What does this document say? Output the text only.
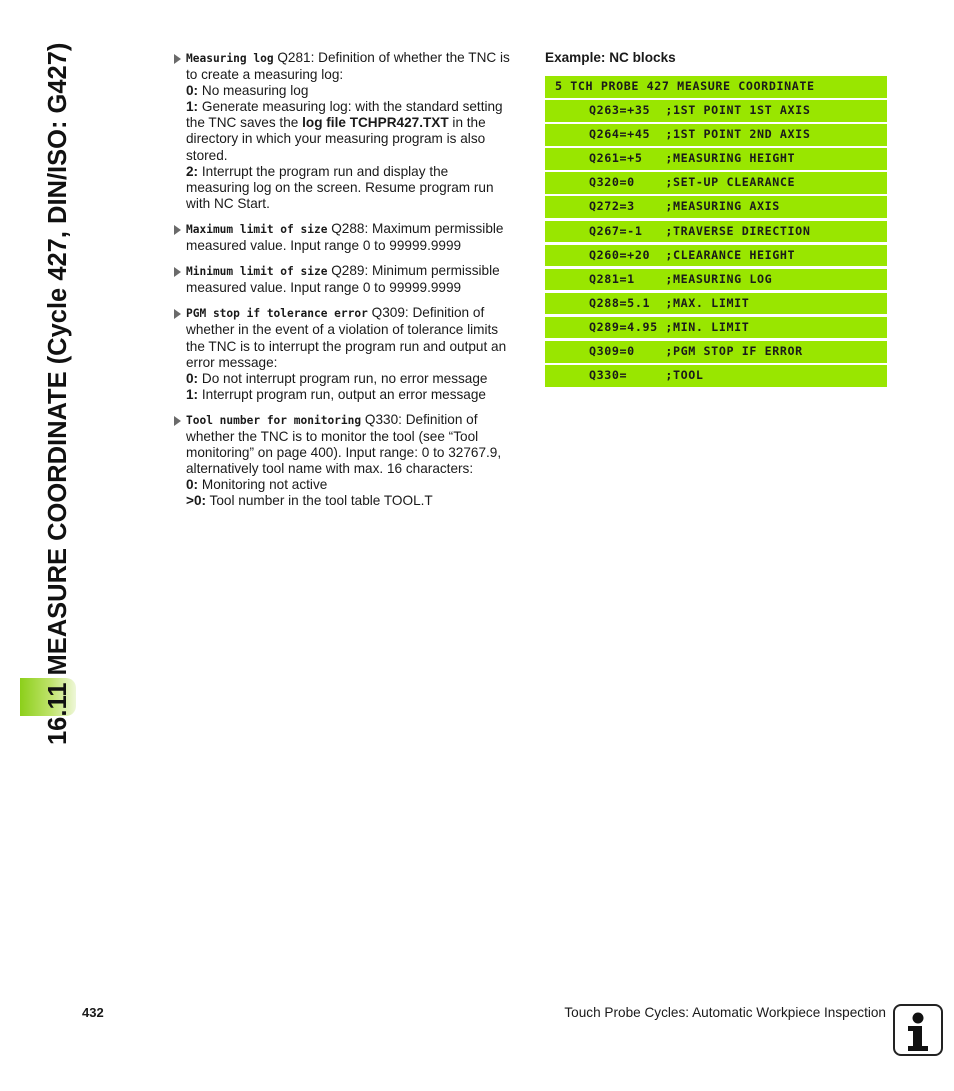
16.11 MEASURE COORDINATE (Cycle 427, DIN/ISO: G427)	Measuring log Q281: Definition of whether the TNC is
to create a measuring log:
0: No measuring log
1: Generate measuring log: with the standard setting
the TNC saves the log file TCHPR427.TXT in the
directory in which your measuring program is also
stored.
2: Interrupt the program run and display the
measuring log on the screen. Resume program run
with NC Start.
Maximum limit of size Q288: Maximum permissible
measured value. Input range 0 to 99999.9999
Minimum limit of size Q289: Minimum permissible
measured value. Input range 0 to 99999.9999
PGM stop if tolerance error Q309: Definition of
whether in the event of a violation of tolerance limits
the TNC is to interrupt the program run and output an
error message:
0: Do not interrupt program run, no error message
1: Interrupt program run, output an error message
Tool number for monitoring Q330: Definition of
whether the TNC is to monitor the tool (see “Tool
monitoring” on page 400). Input range: 0 to 32767.9,
alternatively tool name with max. 16 characters:
0: Monitoring not active
>0: Tool number in the tool table TOOL.T
Example: NC blocks
5 TCH PROBE 427 MEASURE COORDINATE
Q263=+35  ;1ST POINT 1ST AXIS
Q264=+45  ;1ST POINT 2ND AXIS
Q261=+5   ;MEASURING HEIGHT
Q320=0    ;SET-UP CLEARANCE
Q272=3    ;MEASURING AXIS
Q267=-1   ;TRAVERSE DIRECTION
Q260=+20  ;CLEARANCE HEIGHT
Q281=1    ;MEASURING LOG
Q288=5.1  ;MAX. LIMIT
Q289=4.95 ;MIN. LIMIT
Q309=0    ;PGM STOP IF ERROR
Q330=     ;TOOL
432	Touch Probe Cycles: Automatic Workpiece Inspection
